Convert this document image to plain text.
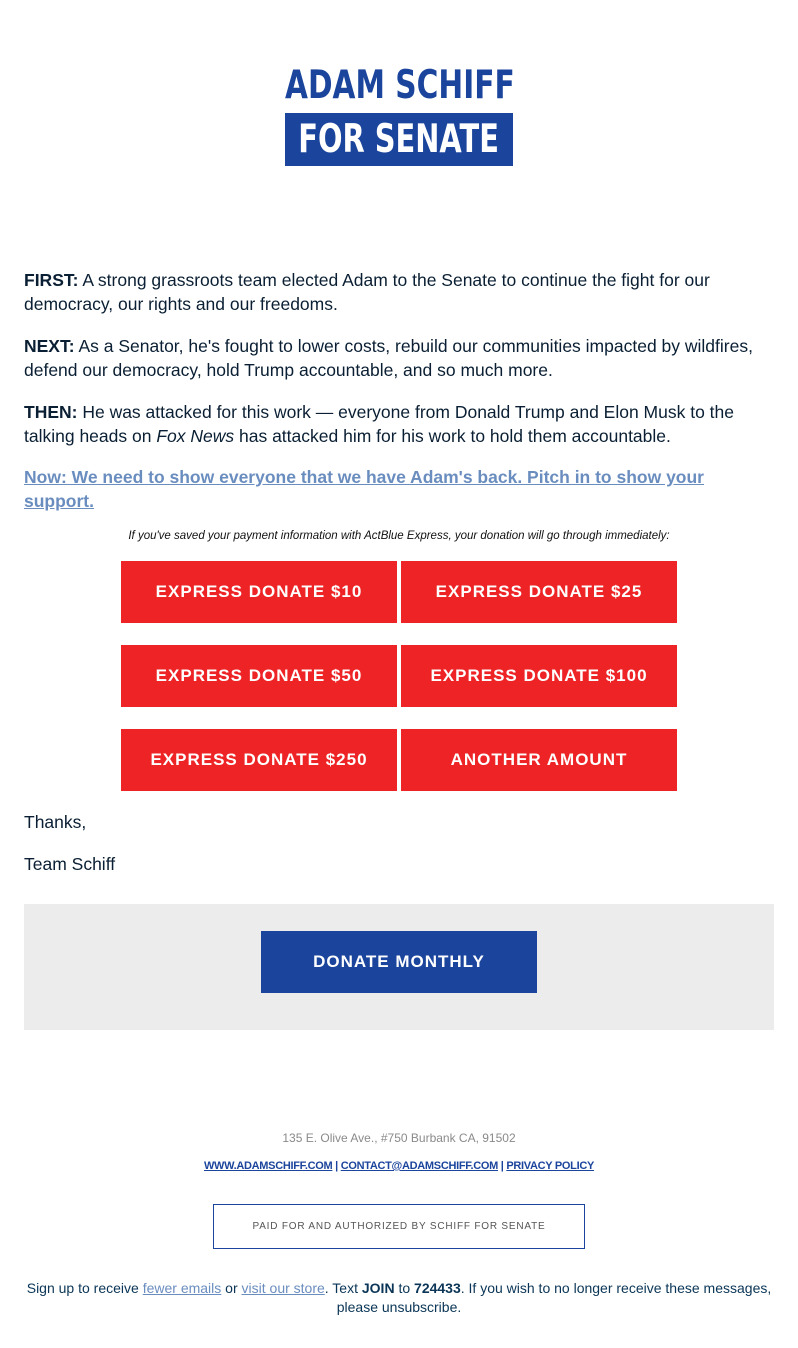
ADAM SCHIFF
FOR SENATE

FIRST: A strong grassroots team elected Adam to the Senate to continue the fight for our democracy, our rights and our freedoms.

NEXT: As a Senator, he's fought to lower costs, rebuild our communities impacted by wildfires, defend our democracy, hold Trump accountable, and so much more.

THEN: He was attacked for this work — everyone from Donald Trump and Elon Musk to the talking heads on Fox News has attacked him for his work to hold them accountable.

Now: We need to show everyone that we have Adam's back. Pitch in to show your support.
If you've saved your payment information with ActBlue Express, your donation will go through immediately:
EXPRESS DONATE $10	EXPRESS DONATE $25
EXPRESS DONATE $50	EXPRESS DONATE $100
EXPRESS DONATE $250	ANOTHER AMOUNT
Thanks,
Team Schiff
DONATE MONTHLY
135 E. Olive Ave., #750 Burbank CA, 91502
WWW.ADAMSCHIFF.COM | CONTACT@ADAMSCHIFF.COM | PRIVACY POLICY
PAID FOR AND AUTHORIZED BY SCHIFF FOR SENATE
Sign up to receive fewer emails or visit our store. Text JOIN to 724433. If you wish to no longer receive these messages, please unsubscribe.
